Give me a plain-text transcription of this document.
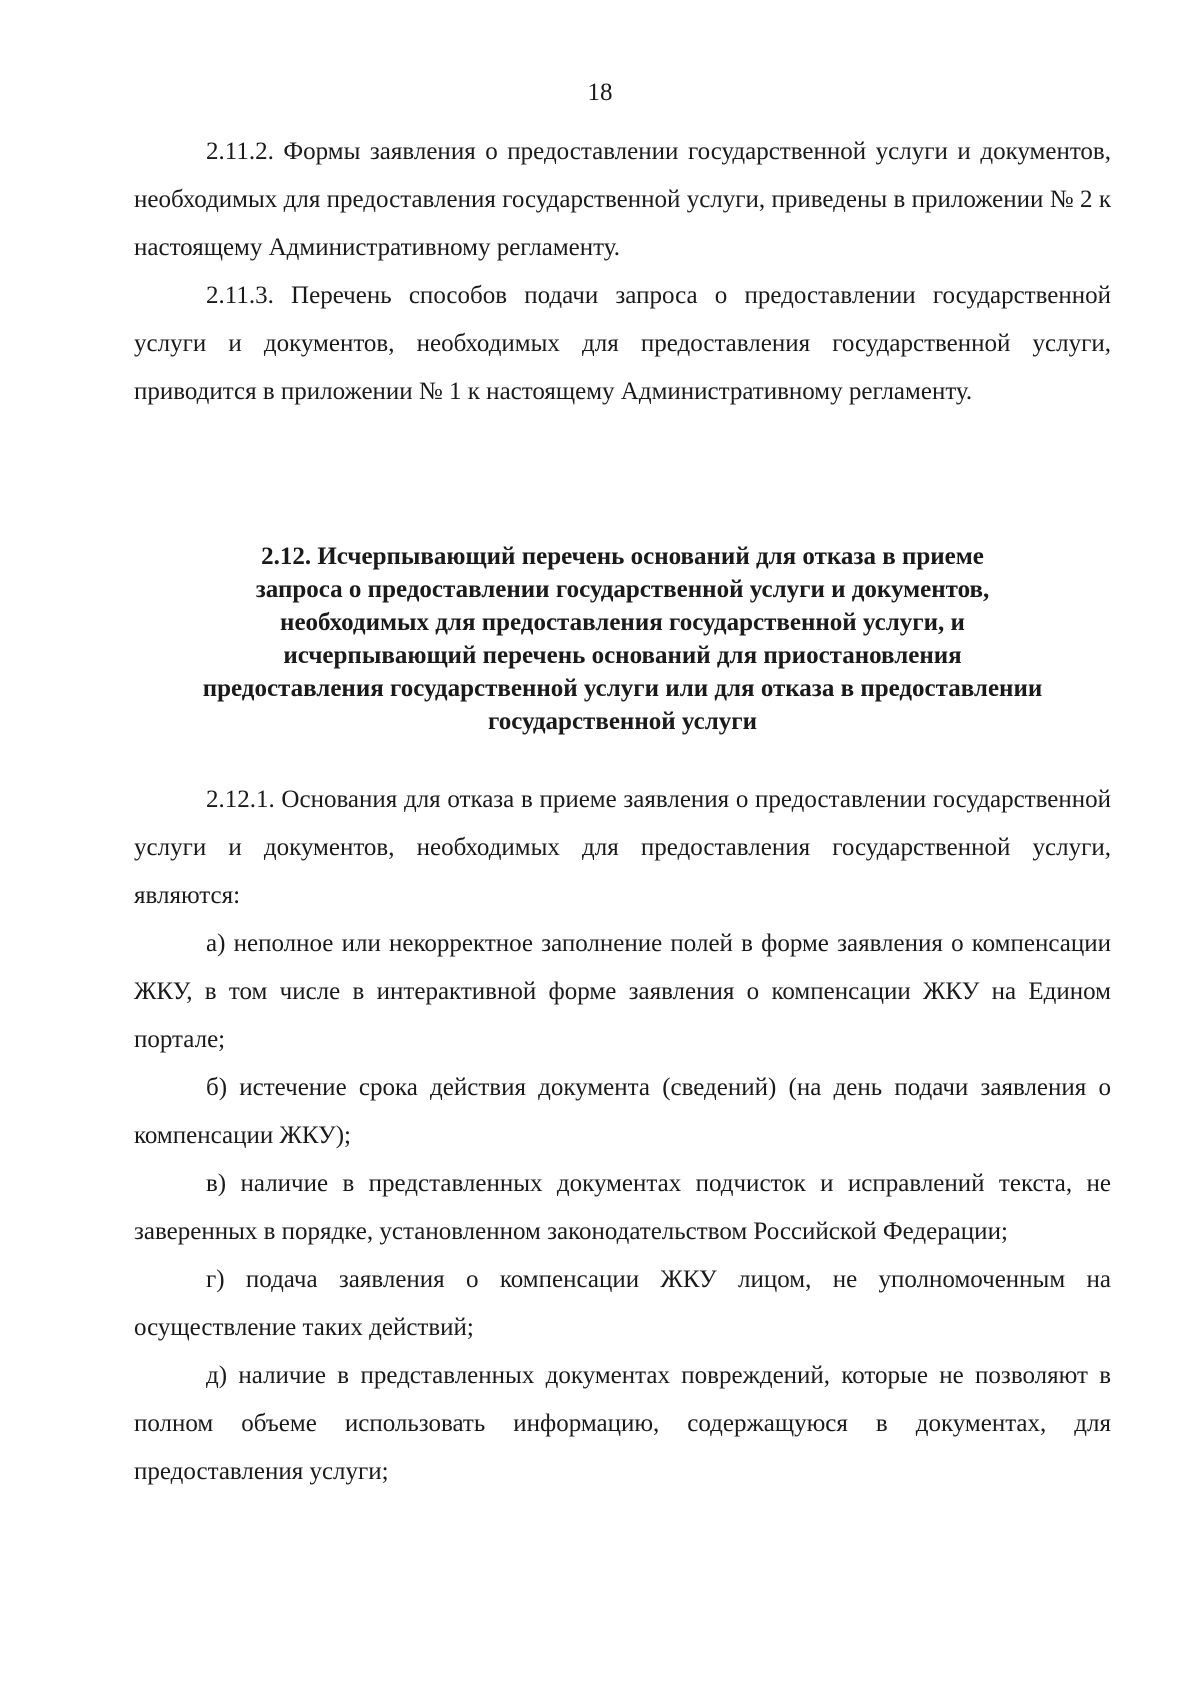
18

2.11.2. Формы заявления о предоставлении государственной услуги и документов, необходимых для предоставления государственной услуги, приведены в приложении № 2 к настоящему Административному регламенту.

2.11.3. Перечень способов подачи запроса о предоставлении государственной услуги и документов, необходимых для предоставления государственной услуги, приводится в приложении № 1 к настоящему Административному регламенту.

2.12. Исчерпывающий перечень оснований для отказа в приеме
запроса о предоставлении государственной услуги и документов,
необходимых для предоставления государственной услуги, и
исчерпывающий перечень оснований для приостановления
предоставления государственной услуги или для отказа в предоставлении
государственной услуги

2.12.1. Основания для отказа в приеме заявления о предоставлении государственной услуги и документов, необходимых для предоставления государственной услуги, являются:

а) неполное или некорректное заполнение полей в форме заявления о компенсации ЖКУ, в том числе в интерактивной форме заявления о компенсации ЖКУ на Едином портале;

б) истечение срока действия документа (сведений) (на день подачи заявления о компенсации ЖКУ);

в) наличие в представленных документах подчисток и исправлений текста, не заверенных в порядке, установленном законодательством Российской Федерации;

г) подача заявления о компенсации ЖКУ лицом, не уполномоченным на осуществление таких действий;

д) наличие в представленных документах повреждений, которые не позволяют в полном объеме использовать информацию, содержащуюся в документах, для предоставления услуги;
